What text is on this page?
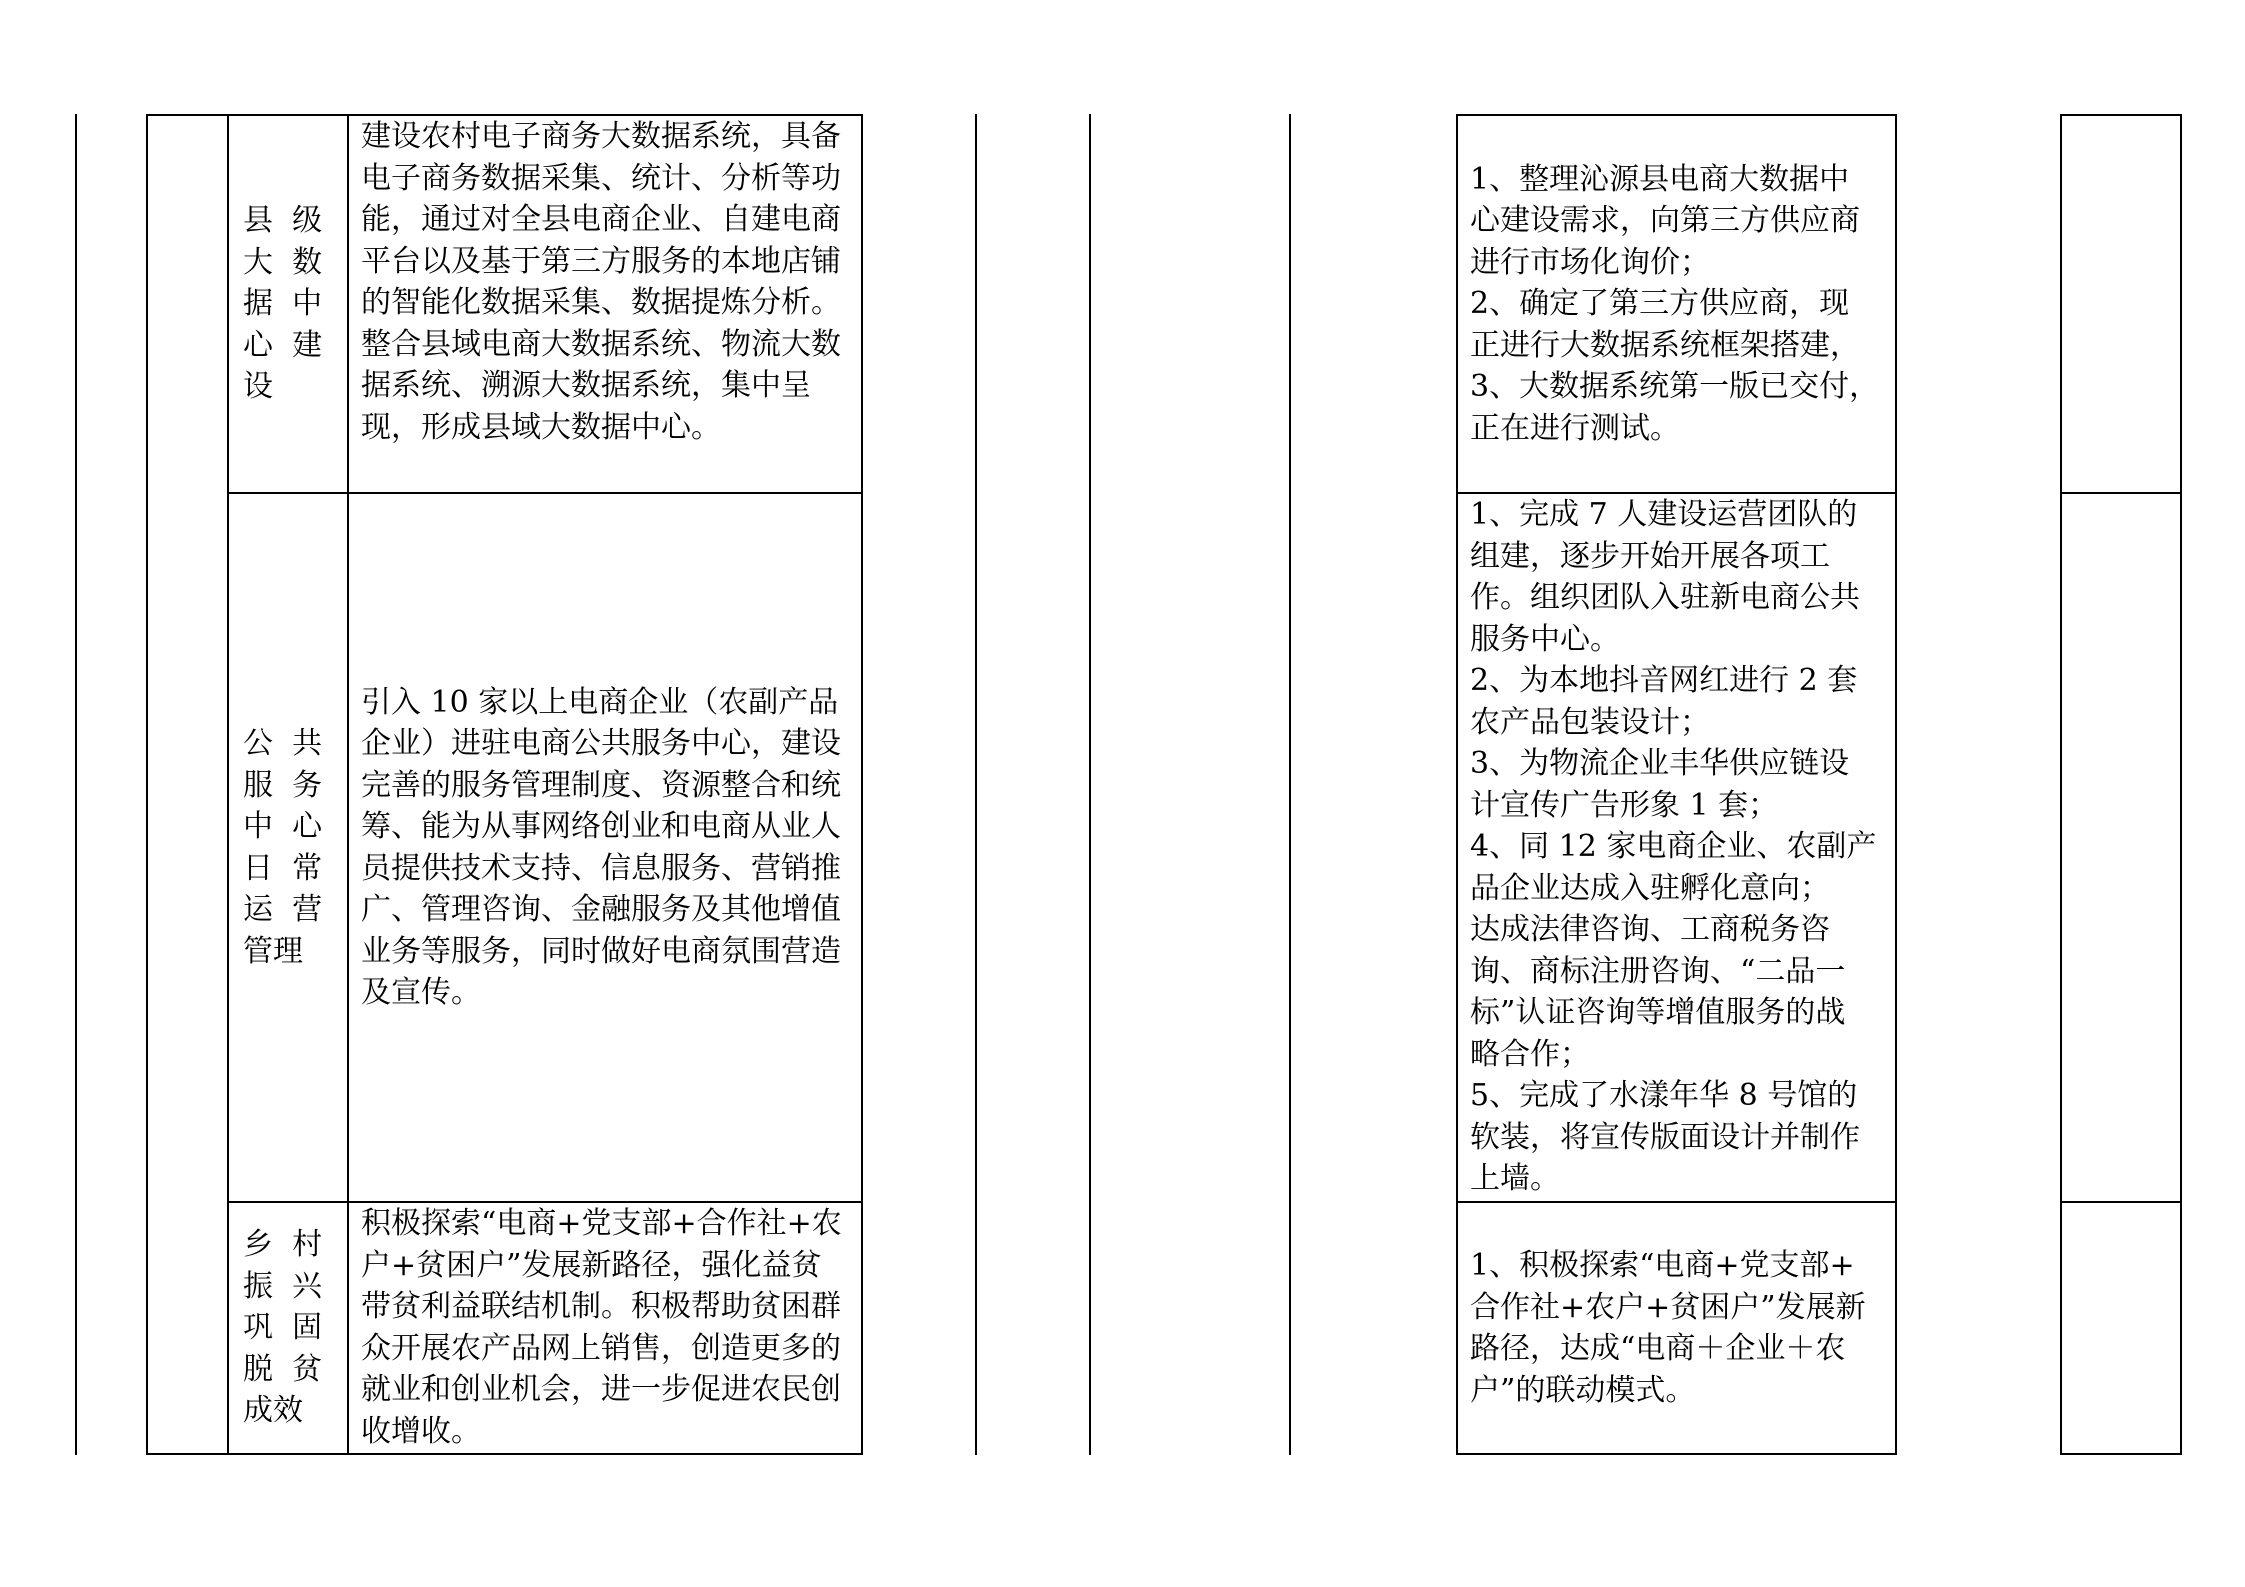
县  级
大  数
据  中
心  建
设
建设农村电子商务大数据系统，具备电子商务数据采集、统计、分析等功能，通过对全县电商企业、自建电商平台以及基于第三方服务的本地店铺的智能化数据采集、数据提炼分析。整合县域电商大数据系统、物流大数据系统、溯源大数据系统，集中呈现，形成县域大数据中心。
1、整理沁源县电商大数据中
心建设需求，向第三方供应商
进行市场化询价；
2、确定了第三方供应商，现
正进行大数据系统框架搭建，
3、大数据系统第一版已交付，
正在进行测试。
公  共
服  务
中  心
日  常
运  营
管理
引入 10 家以上电商企业（农副产品企业）进驻电商公共服务中心，建设完善的服务管理制度、资源整合和统筹、能为从事网络创业和电商从业人员提供技术支持、信息服务、营销推广、管理咨询、金融服务及其他增值业务等服务，同时做好电商氛围营造及宣传。
1、完成 7 人建设运营团队的
组建，逐步开始开展各项工
作。组织团队入驻新电商公共
服务中心。
2、为本地抖音网红进行 2 套
农产品包装设计；
3、为物流企业丰华供应链设
计宣传广告形象 1 套；
4、同 12 家电商企业、农副产
品企业达成入驻孵化意向；
达成法律咨询、工商税务咨
询、商标注册咨询、“二品一
标”认证咨询等增值服务的战
略合作；
5、完成了水漾年华 8 号馆的
软装，将宣传版面设计并制作
上墙。
乡  村
振  兴
巩  固
脱  贫
成效
积极探索“电商+党支部+合作社+农户+贫困户”发展新路径，强化益贫带贫利益联结机制。积极帮助贫困群众开展农产品网上销售，创造更多的就业和创业机会，进一步促进农民创收增收。
1、积极探索“电商+党支部+
合作社+农户+贫困户”发展新
路径，达成“电商＋企业＋农
户”的联动模式。
